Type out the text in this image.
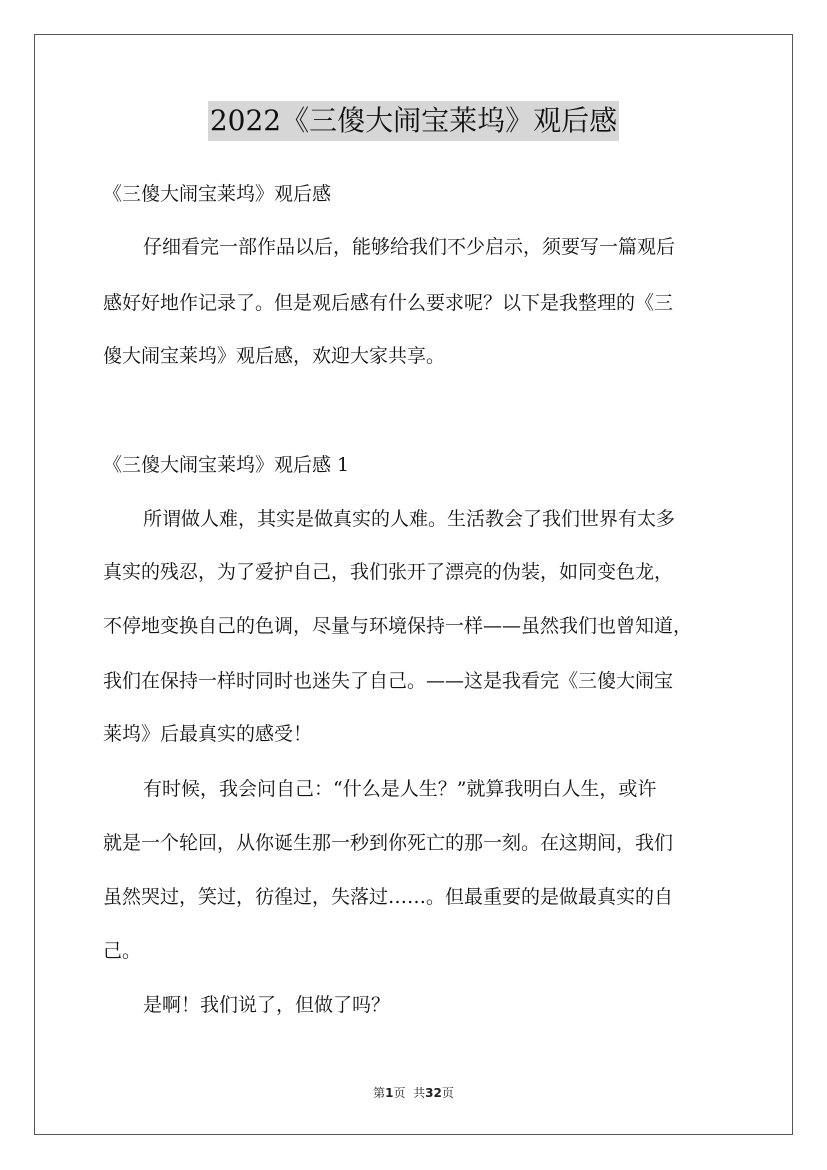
2022《三傻大闹宝莱坞》观后感
《三傻大闹宝莱坞》观后感
仔细看完一部作品以后，能够给我们不少启示，须要写一篇观后
感好好地作记录了。但是观后感有什么要求呢？以下是我整理的《三
傻大闹宝莱坞》观后感，欢迎大家共享。
《三傻大闹宝莱坞》观后感 1
所谓做人难，其实是做真实的人难。生活教会了我们世界有太多
真实的残忍，为了爱护自己，我们张开了漂亮的伪装，如同变色龙，
不停地变换自己的色调，尽量与环境保持一样——虽然我们也曾知道，
我们在保持一样时同时也迷失了自己。——这是我看完《三傻大闹宝
莱坞》后最真实的感受！
有时候，我会问自己：“什么是人生？”就算我明白人生，或许
就是一个轮回，从你诞生那一秒到你死亡的那一刻。在这期间，我们
虽然哭过，笑过，彷徨过，失落过……。但最重要的是做最真实的自
己。
是啊！我们说了，但做了吗？
第1页 共32页
